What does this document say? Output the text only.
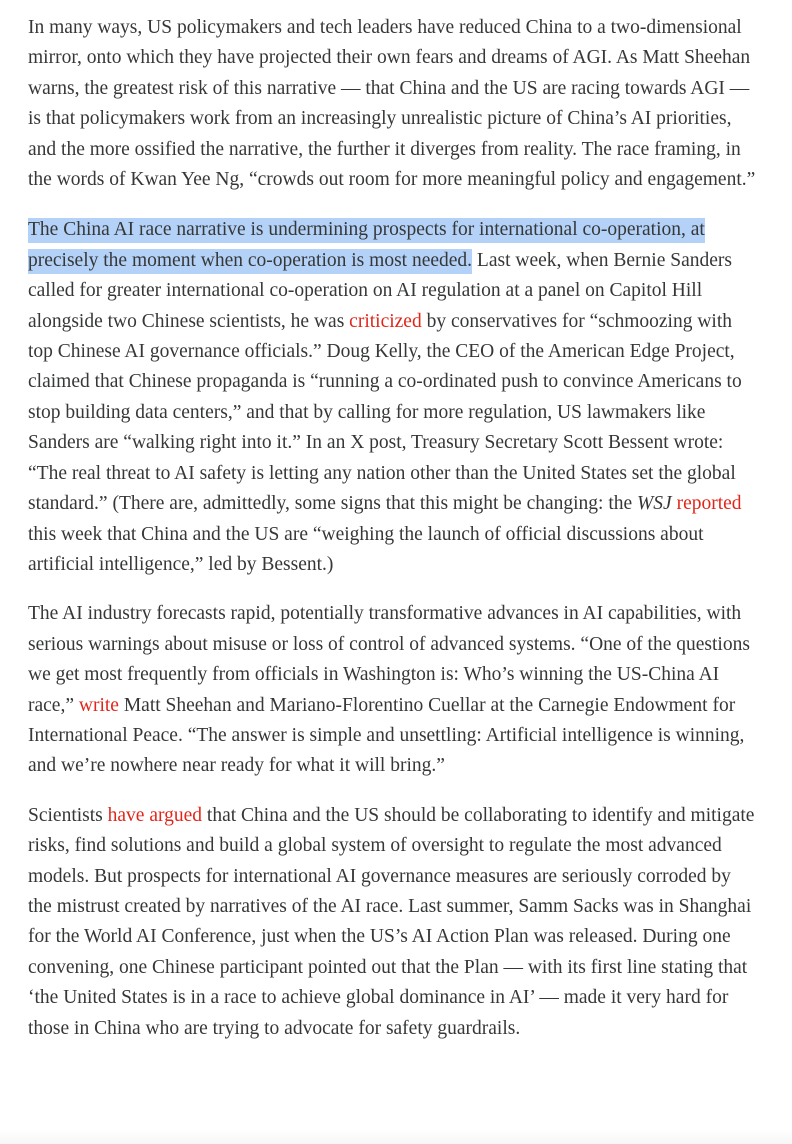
In many ways, US policymakers and tech leaders have reduced China to a two-dimensional mirror, onto which they have projected their own fears and dreams of AGI. As Matt Sheehan warns, the greatest risk of this narrative — that China and the US are racing towards AGI — is that policymakers work from an increasingly unrealistic picture of China’s AI priorities, and the more ossified the narrative, the further it diverges from reality. The race framing, in the words of Kwan Yee Ng, “crowds out room for more meaningful policy and engagement.”

The China AI race narrative is undermining prospects for international co-operation, at precisely the moment when co-operation is most needed. Last week, when Bernie Sanders called for greater international co-operation on AI regulation at a panel on Capitol Hill alongside two Chinese scientists, he was criticized by conservatives for “schmoozing with top Chinese AI governance officials.” Doug Kelly, the CEO of the American Edge Project, claimed that Chinese propaganda is “running a co-ordinated push to convince Americans to stop building data centers,” and that by calling for more regulation, US lawmakers like Sanders are “walking right into it.” In an X post, Treasury Secretary Scott Bessent wrote: “The real threat to AI safety is letting any nation other than the United States set the global standard.” (There are, admittedly, some signs that this might be changing: the WSJ reported this week that China and the US are “weighing the launch of official discussions about artificial intelligence,” led by Bessent.)

The AI industry forecasts rapid, potentially transformative advances in AI capabilities, with serious warnings about misuse or loss of control of advanced systems. “One of the questions we get most frequently from officials in Washington is: Who’s winning the US-China AI race,” write Matt Sheehan and Mariano-Florentino Cuellar at the Carnegie Endowment for International Peace. “The answer is simple and unsettling: Artificial intelligence is winning, and we’re nowhere near ready for what it will bring.”

Scientists have argued that China and the US should be collaborating to identify and mitigate risks, find solutions and build a global system of oversight to regulate the most advanced models. But prospects for international AI governance measures are seriously corroded by the mistrust created by narratives of the AI race. Last summer, Samm Sacks was in Shanghai for the World AI Conference, just when the US’s AI Action Plan was released. During one convening, one Chinese participant pointed out that the Plan — with its first line stating that ‘the United States is in a race to achieve global dominance in AI’ — made it very hard for those in China who are trying to advocate for safety guardrails.
